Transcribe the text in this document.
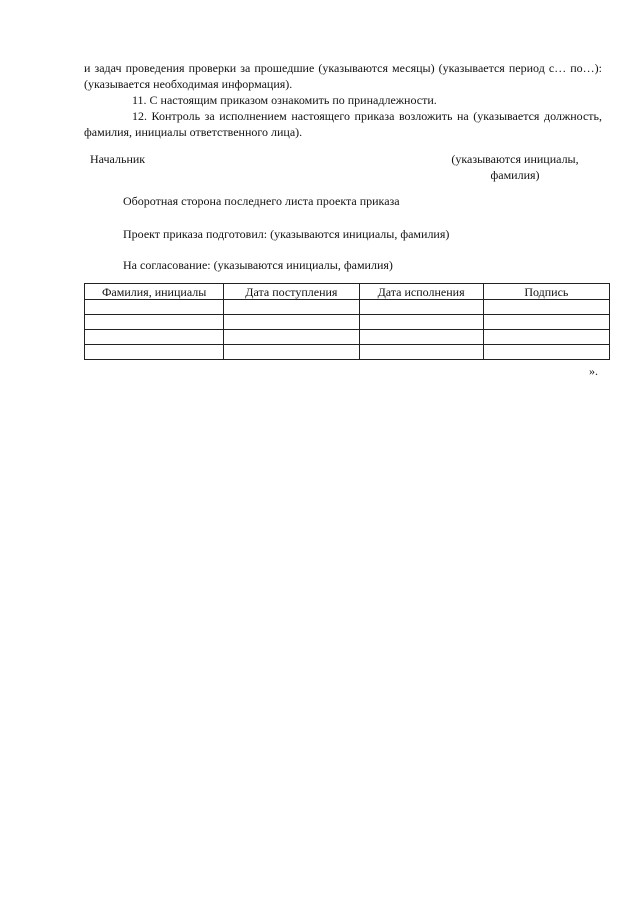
и задач проведения проверки за прошедшие (указываются месяцы) (указывается период с… по…): (указывается необходимая информация).

11. С настоящим приказом ознакомить по принадлежности.

12. Контроль за исполнением настоящего приказа возложить на (указывается должность, фамилия, инициалы ответственного лица).

Начальник	(указываются инициалы,
фамилия)
Оборотная сторона последнего листа проекта приказа
Проект приказа подготовил: (указываются инициалы, фамилия)
На согласование: (указываются инициалы, фамилия)
Фамилия, инициалы	Дата поступления	Дата исполнения	Подпись

».
